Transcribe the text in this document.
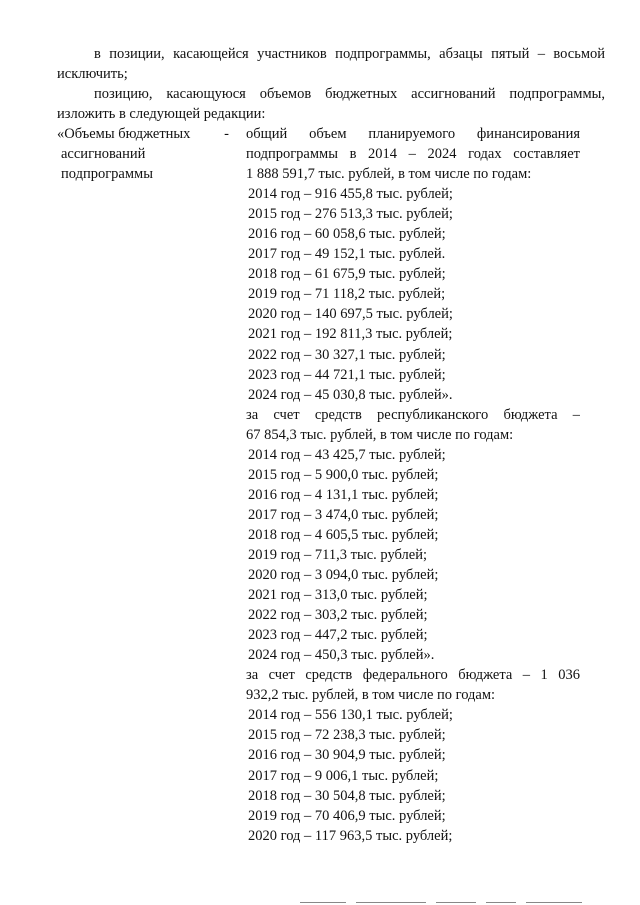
в позиции, касающейся участников подпрограммы, абзацы пятый – восьмой
исключить;
позицию, касающуюся объемов бюджетных ассигнований подпрограммы,
изложить в следующей редакции:
«Объемы бюджетных -
ассигнований
подпрограммы
общий объем планируемого финансирования
подпрограммы в 2014 – 2024 годах составляет
1 888 591,7 тыс. рублей, в том числе по годам:
2014 год – 916 455,8 тыс. рублей;
2015 год – 276 513,3 тыс. рублей;
2016 год – 60 058,6 тыс. рублей;
2017 год – 49 152,1 тыс. рублей.
2018 год – 61 675,9 тыс. рублей;
2019 год – 71 118,2 тыс. рублей;
2020 год – 140 697,5 тыс. рублей;
2021 год – 192 811,3 тыс. рублей;
2022 год – 30 327,1 тыс. рублей;
2023 год – 44 721,1 тыс. рублей;
2024 год – 45 030,8 тыс. рублей».
за счет средств республиканского бюджета –
67 854,3 тыс. рублей, в том числе по годам:
2014 год – 43 425,7 тыс. рублей;
2015 год – 5 900,0 тыс. рублей;
2016 год – 4 131,1 тыс. рублей;
2017 год – 3 474,0 тыс. рублей;
2018 год – 4 605,5 тыс. рублей;
2019 год – 711,3 тыс. рублей;
2020 год – 3 094,0 тыс. рублей;
2021 год – 313,0 тыс. рублей;
2022 год – 303,2 тыс. рублей;
2023 год – 447,2 тыс. рублей;
2024 год – 450,3 тыс. рублей».
за счет средств федерального бюджета – 1 036
932,2 тыс. рублей, в том числе по годам:
2014 год – 556 130,1 тыс. рублей;
2015 год – 72 238,3 тыс. рублей;
2016 год – 30 904,9 тыс. рублей;
2017 год – 9 006,1 тыс. рублей;
2018 год – 30 504,8 тыс. рублей;
2019 год – 70 406,9 тыс. рублей;
2020 год – 117 963,5 тыс. рублей;
